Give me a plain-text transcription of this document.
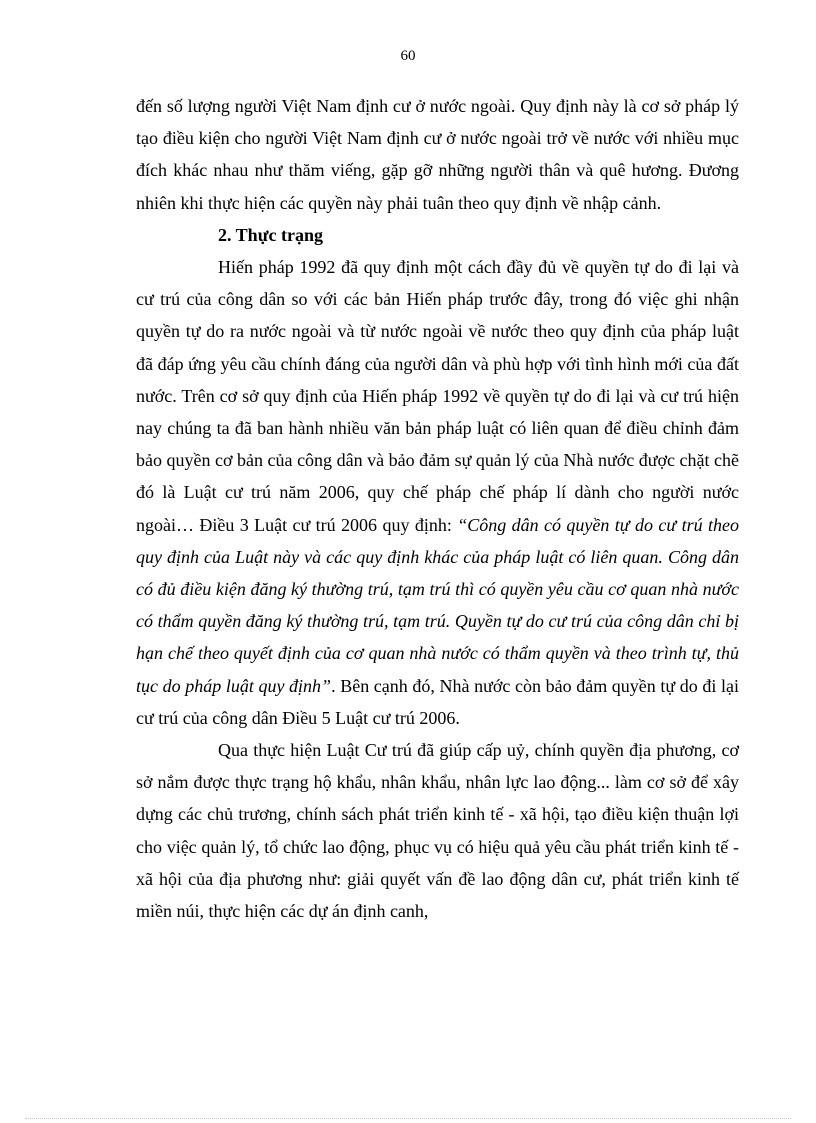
60

đến số lượng người Việt Nam định cư ở nước ngoài. Quy định này là cơ sở pháp lý tạo điều kiện cho người Việt Nam định cư ở nước ngoài trở về nước với nhiều mục đích khác nhau như thăm viếng, gặp gỡ những người thân và quê hương. Đương nhiên khi thực hiện các quyền này phải tuân theo quy định về nhập cảnh.

2. Thực trạng

Hiến pháp 1992 đã quy định một cách đầy đủ về quyền tự do đi lại và cư trú của công dân so với các bản Hiến pháp trước đây, trong đó việc ghi nhận quyền tự do ra nước ngoài và từ nước ngoài về nước theo quy định của pháp luật đã đáp ứng yêu cầu chính đáng của người dân và phù hợp với tình hình mới của đất nước. Trên cơ sở quy định của Hiến pháp 1992 về quyền tự do đi lại và cư trú hiện nay chúng ta đã ban hành nhiều văn bản pháp luật có liên quan để điều chỉnh đảm bảo quyền cơ bản của công dân và bảo đảm sự quản lý của Nhà nước được chặt chẽ đó là Luật cư trú năm 2006, quy chế pháp chế pháp lí dành cho người nước ngoài… Điều 3 Luật cư trú 2006 quy định: “Công dân có quyền tự do cư trú theo quy định của Luật này và các quy định khác của pháp luật có liên quan. Công dân có đủ điều kiện đăng ký thường trú, tạm trú thì có quyền yêu cầu cơ quan nhà nước có thẩm quyền đăng ký thường trú, tạm trú. Quyền tự do cư trú của công dân chỉ bị hạn chế theo quyết định của cơ quan nhà nước có thẩm quyền và theo trình tự, thủ tục do pháp luật quy định”. Bên cạnh đó, Nhà nước còn bảo đảm quyền tự do đi lại cư trú của công dân Điều 5 Luật cư trú 2006.

Qua thực hiện Luật Cư trú đã giúp cấp uỷ, chính quyền địa phương, cơ sở nắm được thực trạng hộ khẩu, nhân khẩu, nhân lực lao động... làm cơ sở để xây dựng các chủ trương, chính sách phát triển kinh tế - xã hội, tạo điều kiện thuận lợi cho việc quản lý, tổ chức lao động, phục vụ có hiệu quả yêu cầu phát triển kinh tế - xã hội của địa phương như: giải quyết vấn đề lao động dân cư, phát triển kinh tế miền núi, thực hiện các dự án định canh,
